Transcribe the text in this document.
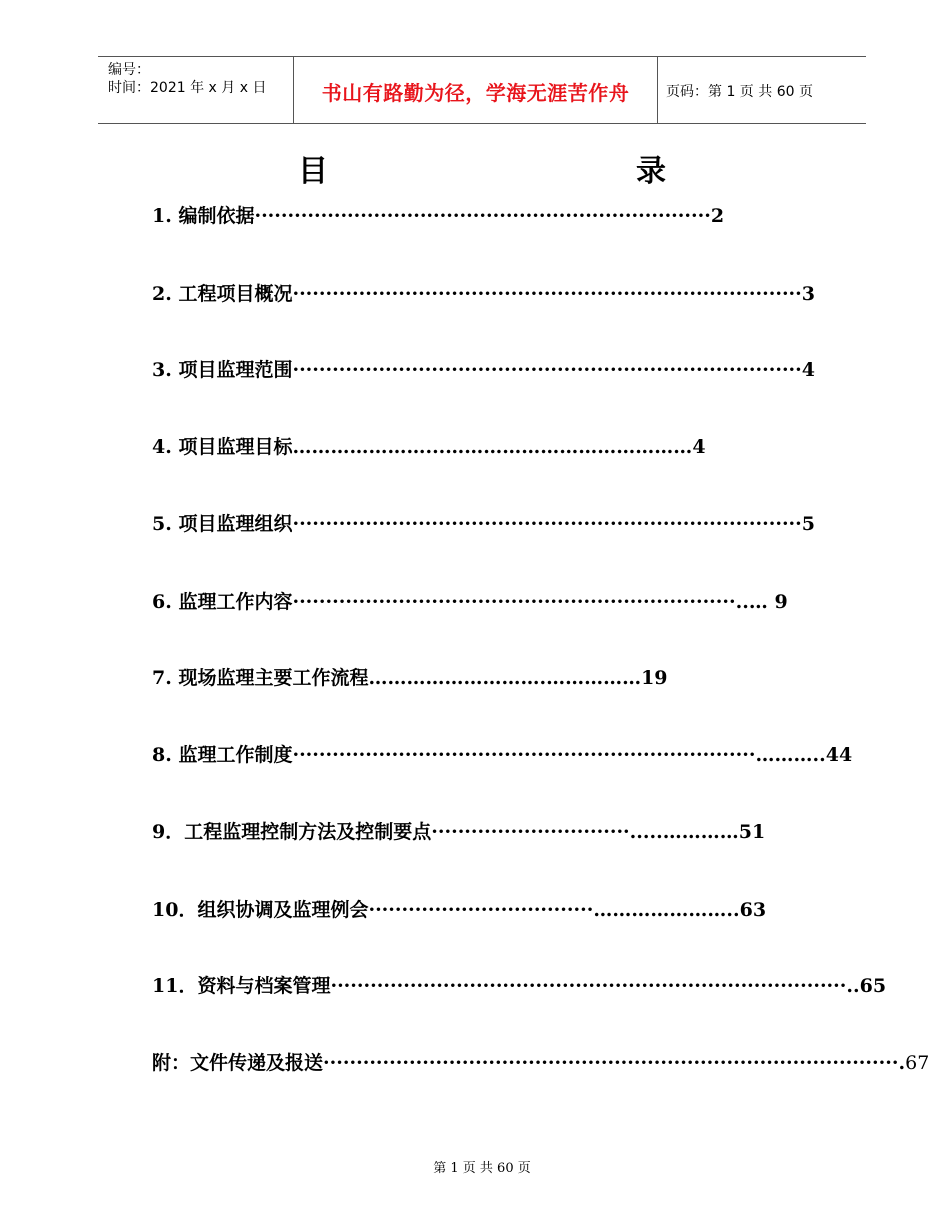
编号：
时间：2021 年 x 月 x 日	书山有路勤为径，学海无涯苦作舟	页码：第 1 页 共 60 页
目	录
1. 编制依据·····································································2
2. 工程项目概况·············································································3
3. 项目监理范围·············································································4
4. 项目监理目标…………………...…………………………………4
5. 项目监理组织·············································································5
6. 监理工作内容···································································..… 9
7. 现场监理主要工作流程……………………….……………19
8. 监理工作制度······································································………..44
9．工程监理控制方法及控制要点······························.....…………51
10．组织协调及监理例会··································…………………..63
11．资料与档案管理··············································································..65
附：文件传递及报送·······················································································.67
第 1 页 共 60 页
